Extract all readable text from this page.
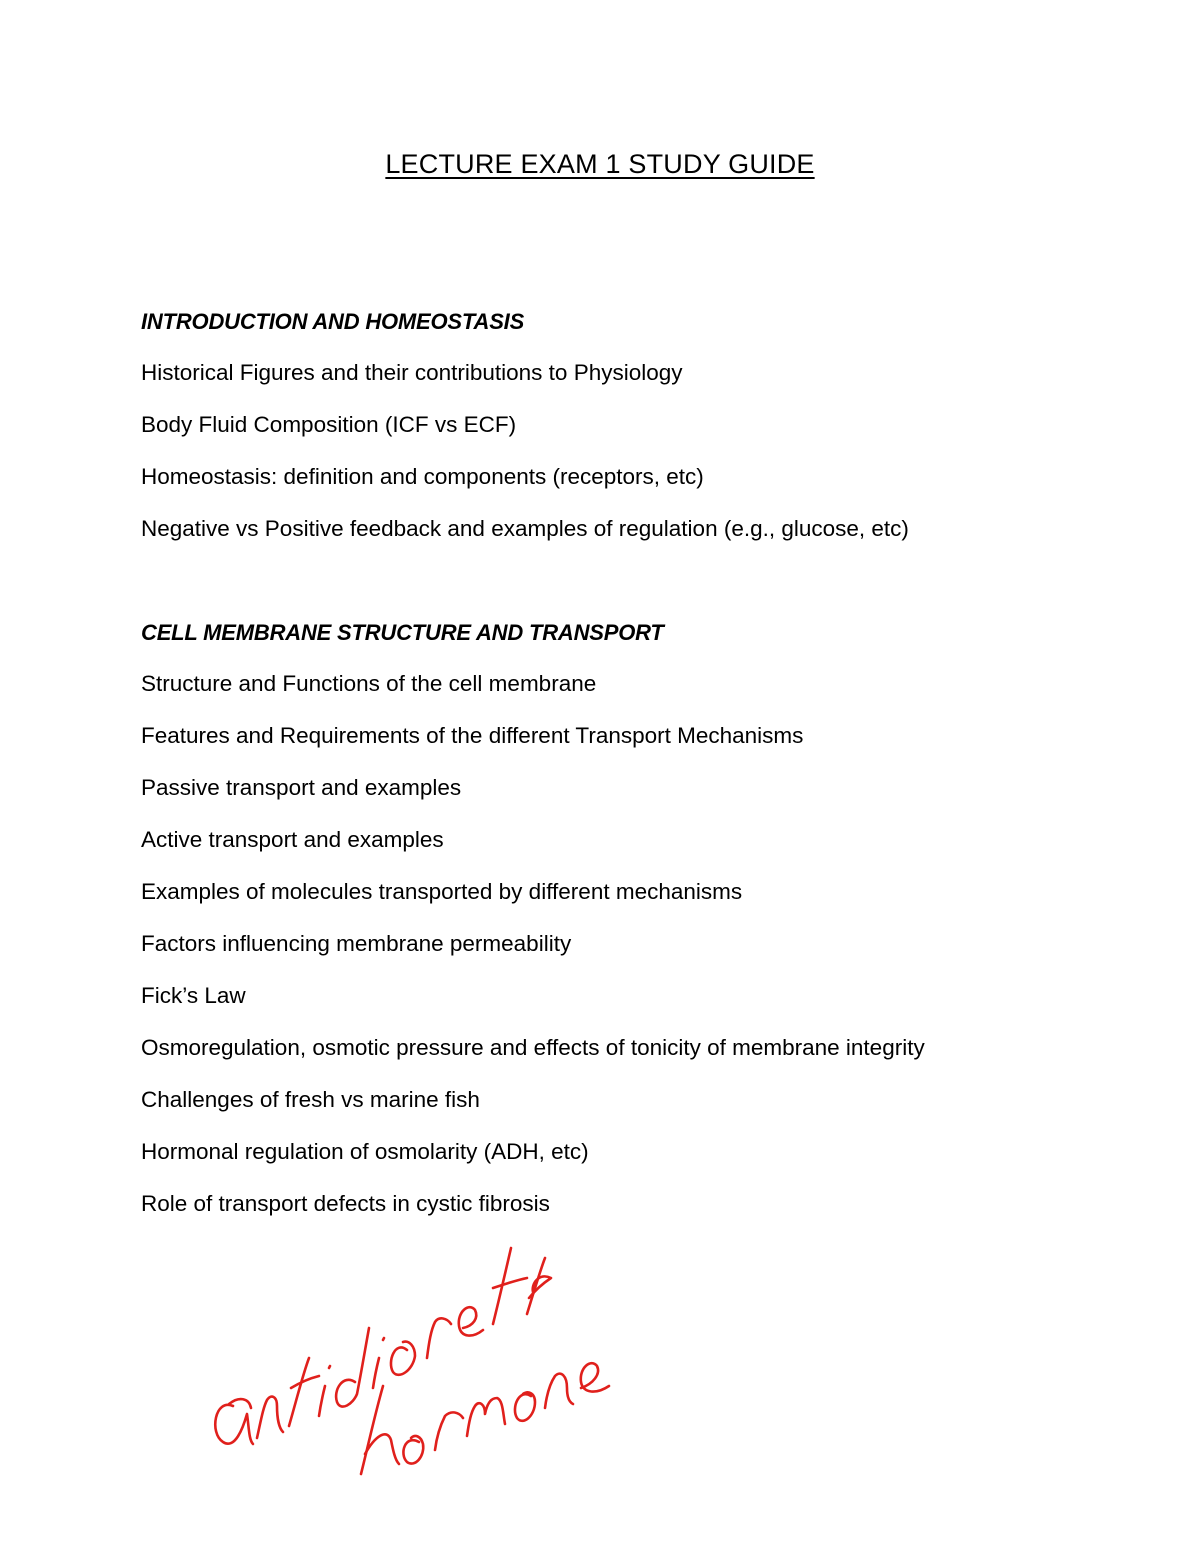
LECTURE EXAM 1 STUDY GUIDE
INTRODUCTION AND HOMEOSTASIS
Historical Figures and their contributions to Physiology
Body Fluid Composition (ICF vs ECF)
Homeostasis: definition and components (receptors, etc)
Negative vs Positive feedback and examples of regulation (e.g., glucose, etc)
CELL MEMBRANE STRUCTURE AND TRANSPORT
Structure and Functions of the cell membrane
Features and Requirements of the different Transport Mechanisms
Passive transport and examples
Active transport and examples
Examples of molecules transported by different mechanisms
Factors influencing membrane permeability
Fick’s Law
Osmoregulation, osmotic pressure and effects of tonicity of membrane integrity
Challenges of fresh vs marine fish
Hormonal regulation of osmolarity (ADH, etc)
Role of transport defects in cystic fibrosis
